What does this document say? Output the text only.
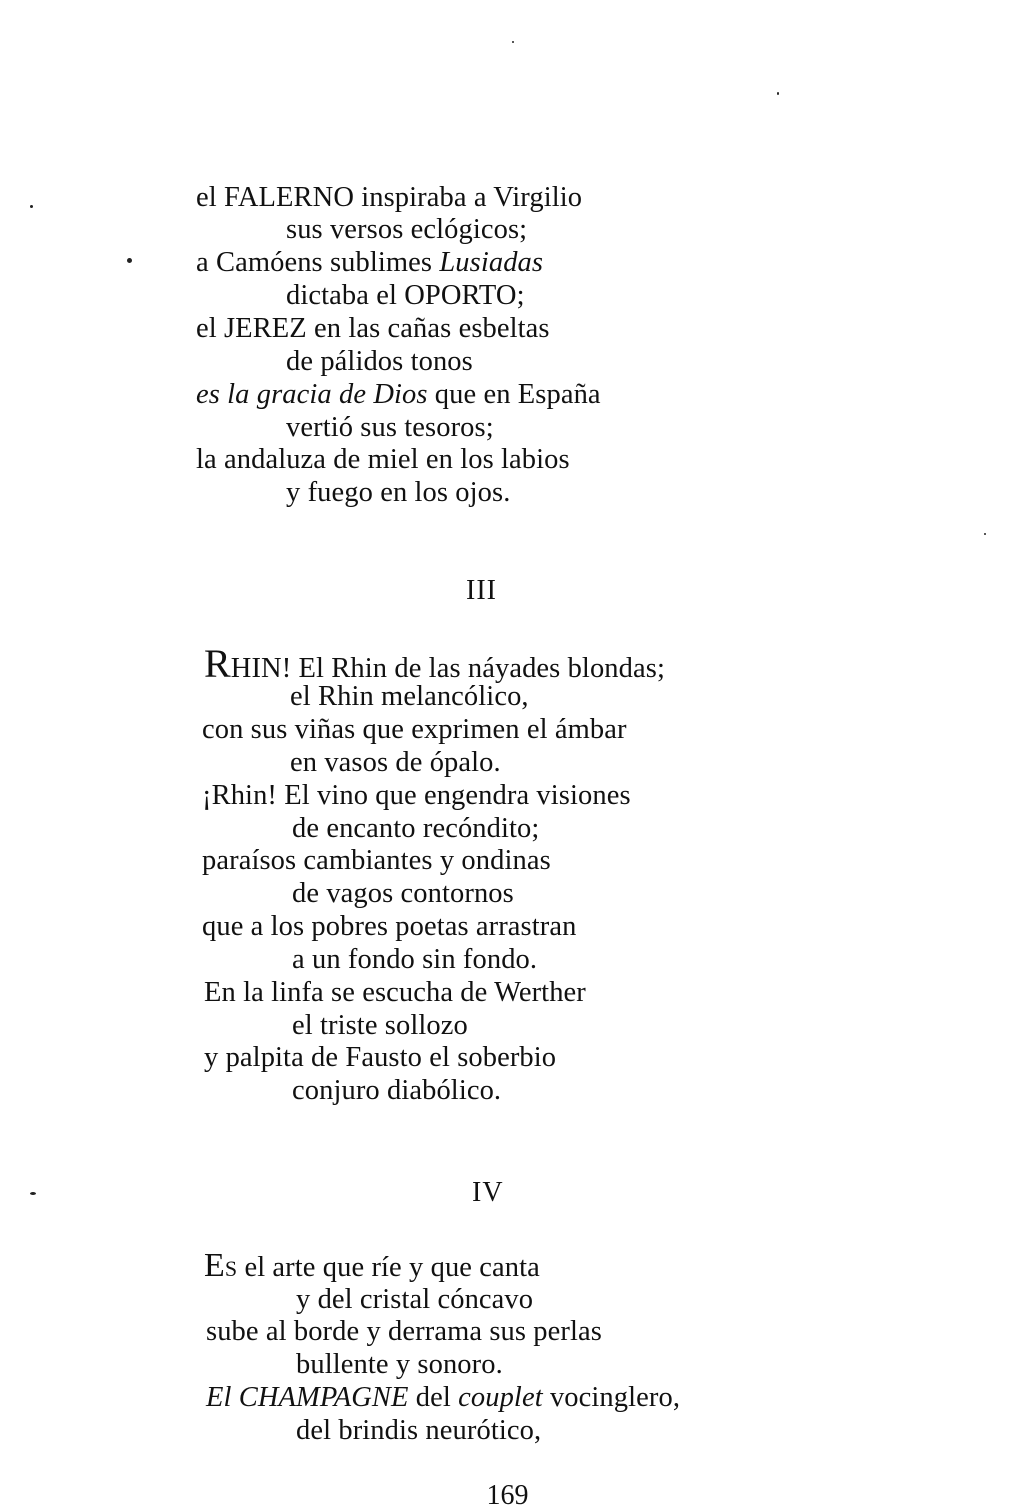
el FALERNO inspiraba a Virgilio
sus versos eclógicos;
a Camóens sublimes Lusiadas
dictaba el OPORTO;
el JEREZ en las cañas esbeltas
de pálidos tonos
es la gracia de Dios que en España
vertió sus tesoros;
la andaluza de miel en los labios
y fuego en los ojos.
III
RHIN! El Rhin de las náyades blondas;
el Rhin melancólico,
con sus viñas que exprimen el ámbar
en vasos de ópalo.
¡Rhin! El vino que engendra visiones
de encanto recóndito;
paraísos cambiantes y ondinas
de vagos contornos
que a los pobres poetas arrastran
a un fondo sin fondo.
En la linfa se escucha de Werther
el triste sollozo
y palpita de Fausto el soberbio
conjuro diabólico.
IV
ES el arte que ríe y que canta
y del cristal cóncavo
sube al borde y derrama sus perlas
bullente y sonoro.
El CHAMPAGNE del couplet vocinglero,
del brindis neurótico,
169
